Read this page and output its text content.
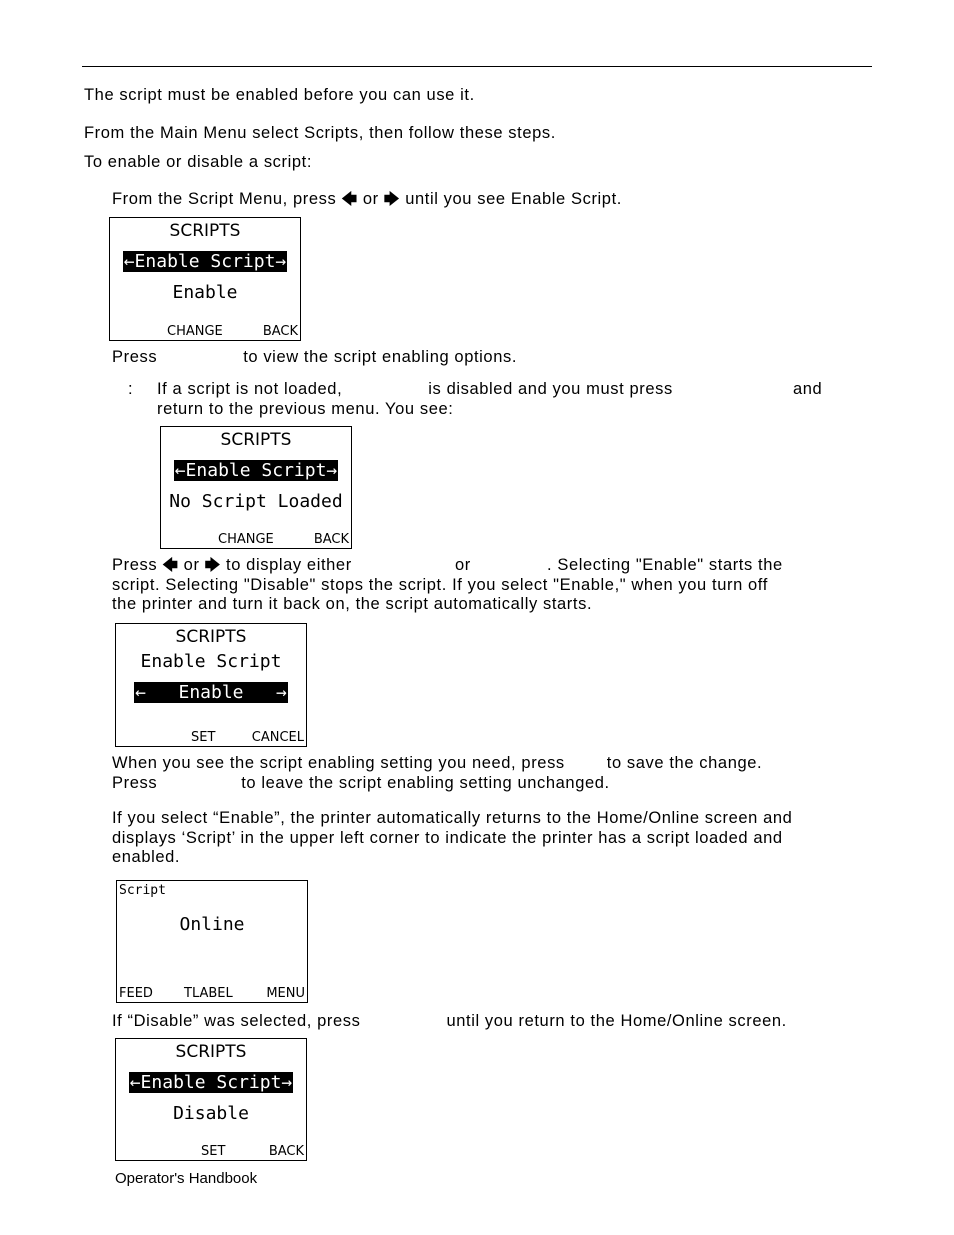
The script must be enabled before you can use it.
From the Main Menu select Scripts, then follow these steps.
To enable or disable a script:
From the Script Menu, press 🡄 or 🡆 until you see Enable Script.
SCRIPTS
←Enable Script→
Enable
CHANGE	BACK
Press	to view the script enabling options.
: If a script is not loaded,	is disabled and you must press	and
return to the previous menu. You see:
SCRIPTS
←Enable Script→
No Script Loaded
CHANGE	BACK
Press 🡄 or 🡆 to display either	or	. Selecting "Enable" starts the
script. Selecting "Disable" stops the script. If you select "Enable," when you turn off
the printer and turn it back on, the script automatically starts.
SCRIPTS
Enable Script
←   Enable   →
SET	CANCEL
When you see the script enabling setting you need, press	to save the change.
Press	to leave the script enabling setting unchanged.
If you select “Enable”, the printer automatically returns to the Home/Online screen and
displays ‘Script’ in the upper left corner to indicate the printer has a script loaded and
enabled.
Script
Online
FEED TLABEL	MENU
If “Disable” was selected, press	until you return to the Home/Online screen.
SCRIPTS
←Enable Script→
Disable
SET	BACK
Operator's Handbook
